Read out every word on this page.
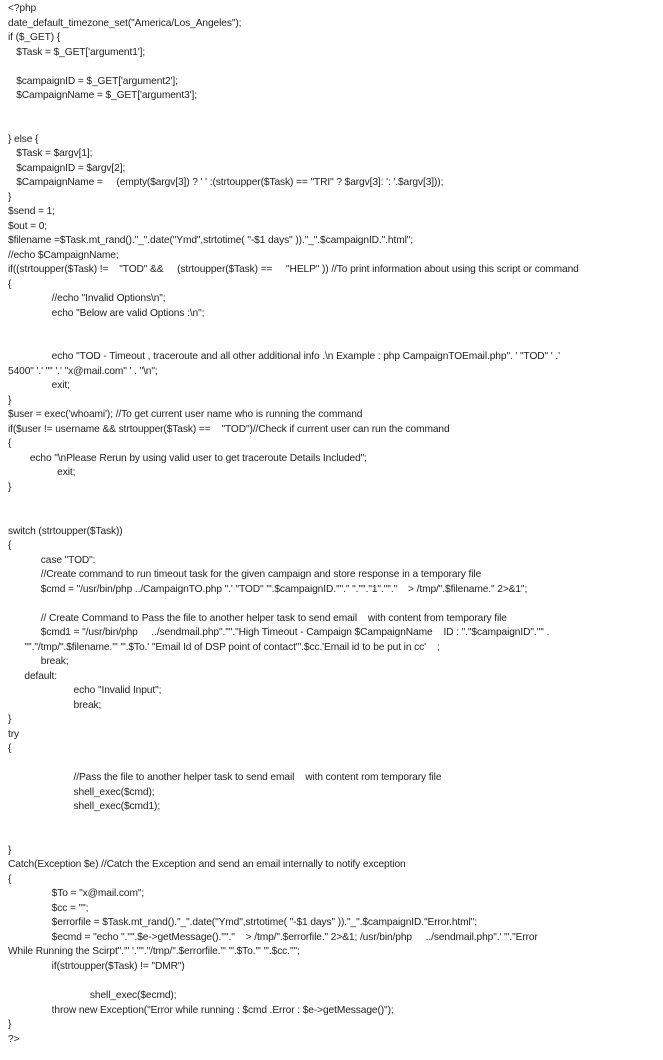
<?php
date_default_timezone_set("America/Los_Angeles");
if ($_GET) {
$Task = $_GET['argument1'];
$campaignID = $_GET['argument2'];
$CampaignName = $_GET['argument3'];
} else {
$Task = $argv[1];
$campaignID = $argv[2];
$CampaignName =     (empty($argv[3]) ? ' ' :(strtoupper($Task) == "TRI" ? $argv[3]: ': '.$argv[3]));
}
$send = 1;
$out = 0;
$filename =$Task.mt_rand()."_".date("Ymd",strtotime( "-$1 days" ))."_".$campaignID.".html";
//echo $CampaignName;
if((strtoupper($Task) !=    "TOD" &&     (strtoupper($Task) ==     "HELP" )) //To print information about using this script or command
{
//echo "Invalid Options\n";
echo "Below are valid Options :\n";
echo "TOD - Timeout , traceroute and all other additional info .\n Example : php CampaignTOEmail.php". ' "TOD" ' .'
5400" '.' "" '.' "x@mail.com" ' . "\n";
exit;
}
$user = exec('whoami'); //To get current user name who is running the command
if($user != username && strtoupper($Task) ==    "TOD")//Check if current user can run the command
{
echo "\nPlease Rerun by using valid user to get traceroute Details Included";
exit;
}
switch (strtoupper($Task))
{
case "TOD":
//Create command to run timeout task for the given campaign and store response in a temporary file
$cmd = "/usr/bin/php ../CampaignTO.php ".' "TOD" '".$campaignID.'"'." ".'"'."1".'"'."    > /tmp/".$filename." 2>&1";
// Create Command to Pass the file to another helper task to send email    with content from temporary file
$cmd1 = "/usr/bin/php     ../sendmail.php".'"'."High Timeout - Campaign $CampaignName    ID : "."$campaignID".'"' .
'"'."/tmp/".$filename.'" '".$To.' "Email Id of DSP point of contact"'.$cc.'Email id to be put in cc'    ;
break;
default:
echo "Invalid Input";
break;
}
try
{
//Pass the file to another helper task to send email    with content rom temporary file
shell_exec($cmd);
shell_exec($cmd1);
}
Catch(Exception $e) //Catch the Exception and send an email internally to notify exception
{
$To = "x@mail.com";
$cc = "";
$errorfile = $Task.mt_rand()."_".date("Ymd",strtotime( "-$1 days" ))."_".$campaignID."Error.html";
$ecmd = "echo ".'"'.$e->getMessage().'"'."    > /tmp/".$errorfile." 2>&1; /usr/bin/php     ../sendmail.php".' "'."Error
While Running the Scirpt".'" '.'"'."/tmp/".$errorfile.'" '".$To.'" '".$cc.'"';
if(strtoupper($Task) != "DMR")
shell_exec($ecmd);
throw new Exception("Error while running : $cmd .Error : $e->getMessage()");
}
?>
